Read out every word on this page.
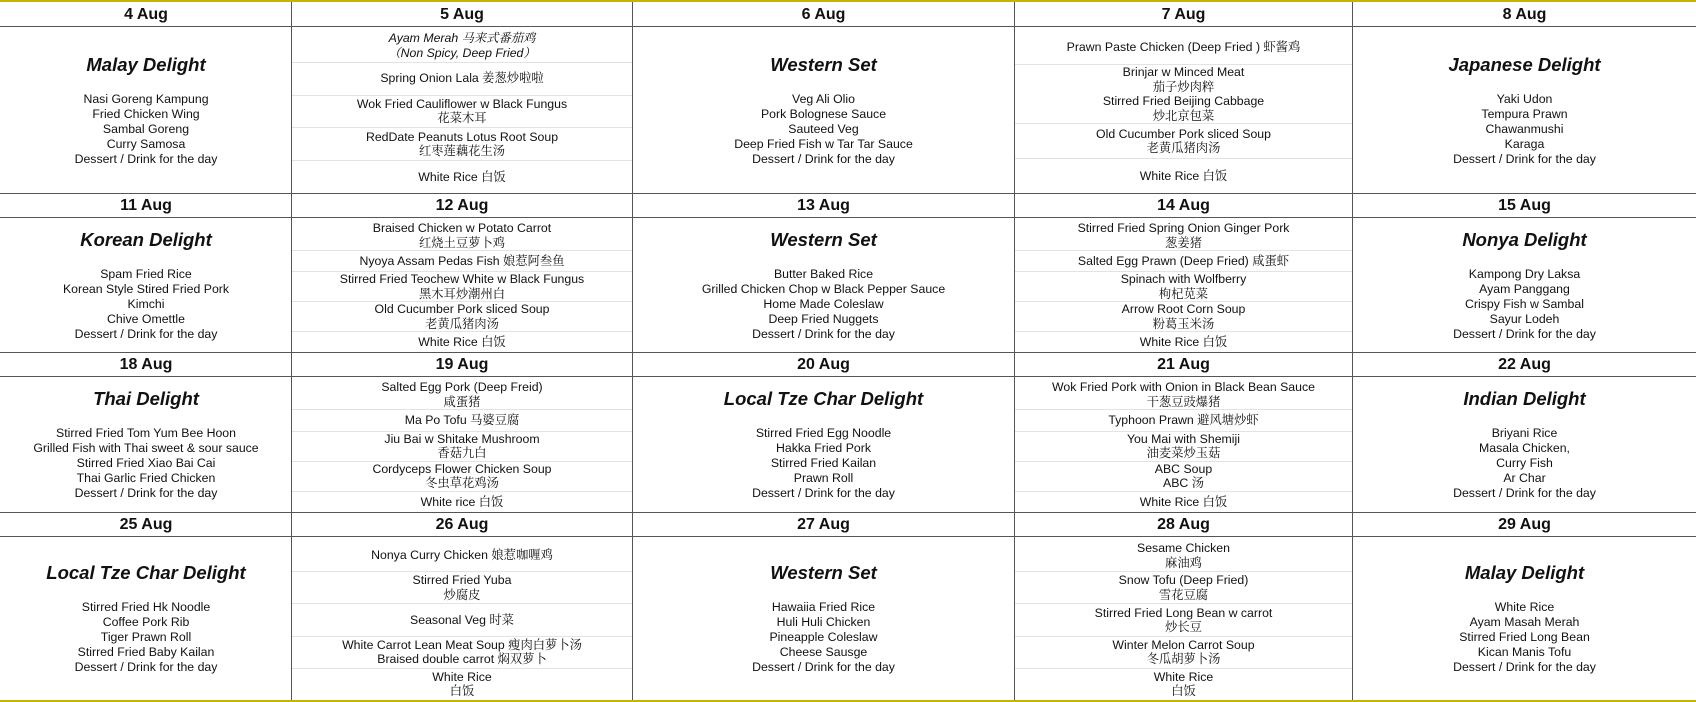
4 Aug
Malay Delight
Nasi Goreng Kampung
Fried Chicken Wing
Sambal Goreng
Curry Samosa
Dessert / Drink for the day
5 Aug
Ayam Merah 马来式番茄鸡
（Non Spicy, Deep Fried）
Spring Onion Lala 姜葱炒啦啦
Wok Fried Cauliflower w Black Fungus
花菜木耳
RedDate Peanuts Lotus Root Soup
红枣莲藕花生汤
White Rice 白饭
6 Aug
Western Set
Veg Ali Olio
Pork Bolognese Sauce
Sauteed Veg
Deep Fried Fish w Tar Tar Sauce
Dessert / Drink for the day
7 Aug
Prawn Paste Chicken (Deep Fried ) 虾酱鸡
Brinjar w Minced Meat
茄子炒肉粹
Stirred Fried Beijing Cabbage
炒北京包菜
Old Cucumber Pork sliced Soup
老黄瓜猪肉汤
White Rice 白饭
8 Aug
Japanese Delight
Yaki Udon
Tempura Prawn
Chawanmushi
Karaga
Dessert / Drink for the day
11 Aug
Korean Delight
Spam Fried Rice
Korean Style Stired Fried Pork
Kimchi
Chive Omettle
Dessert / Drink for the day
12 Aug
Braised Chicken w Potato Carrot
红烧土豆萝卜鸡
Nyoya Assam Pedas Fish 娘惹阿叁鱼
Stirred Fried Teochew White w Black Fungus
黑木耳炒潮州白
Old Cucumber Pork sliced Soup
老黄瓜猪肉汤
White Rice 白饭
13 Aug
Western Set
Butter Baked Rice
Grilled Chicken Chop w Black Pepper Sauce
Home Made Coleslaw
Deep Fried Nuggets
Dessert / Drink for the day
14 Aug
Stirred Fried Spring Onion Ginger Pork
葱姜猪
Salted Egg Prawn (Deep Fried) 咸蛋虾
Spinach with Wolfberry
枸杞苋菜
Arrow Root Corn Soup
粉葛玉米汤
White Rice 白饭
15 Aug
Nonya Delight
Kampong Dry Laksa
Ayam Panggang
Crispy Fish w Sambal
Sayur Lodeh
Dessert / Drink for the day
18 Aug
Thai Delight
Stirred Fried Tom Yum Bee Hoon
Grilled Fish with Thai sweet & sour sauce
Stirred Fried Xiao Bai Cai
Thai Garlic Fried Chicken
Dessert / Drink for the day
19 Aug
Salted Egg Pork (Deep Freid)
咸蛋猪
Ma Po Tofu 马婆豆腐
Jiu Bai w Shitake Mushroom
香菇九白
Cordyceps Flower Chicken Soup
冬虫草花鸡汤
White rice 白饭
20 Aug
Local Tze Char Delight
Stirred Fried Egg Noodle
Hakka Fried Pork
Stirred Fried Kailan
Prawn Roll
Dessert / Drink for the day
21 Aug
Wok Fried Pork with Onion in Black Bean Sauce
干葱豆豉爆猪
Typhoon Prawn 避风塘炒虾
You Mai with Shemiji
油麦菜炒玉菇
ABC Soup
ABC 汤
White Rice 白饭
22 Aug
Indian Delight
Briyani Rice
Masala Chicken,
Curry Fish
Ar Char
Dessert / Drink for the day
25 Aug
Local Tze Char Delight
Stirred Fried Hk Noodle
Coffee Pork Rib
Tiger Prawn Roll
Stirred Fried Baby Kailan
Dessert / Drink for the day
26 Aug
Nonya Curry Chicken 娘惹咖喱鸡
Stirred Fried Yuba
炒腐皮
Seasonal Veg 时菜
White Carrot Lean Meat Soup 瘦肉白萝卜汤
Braised double carrot 焖双萝卜
White Rice
白饭
27 Aug
Western Set
Hawaiia Fried Rice
Huli Huli Chicken
Pineapple Coleslaw
Cheese Sausge
Dessert / Drink for the day
28 Aug
Sesame Chicken
麻油鸡
Snow Tofu (Deep Fried)
雪花豆腐
Stirred Fried Long Bean w carrot
炒长豆
Winter Melon Carrot Soup
冬瓜胡萝卜汤
White Rice
白饭
29 Aug
Malay Delight
White Rice
Ayam Masah Merah
Stirred Fried Long Bean
Kican Manis Tofu
Dessert / Drink for the day
